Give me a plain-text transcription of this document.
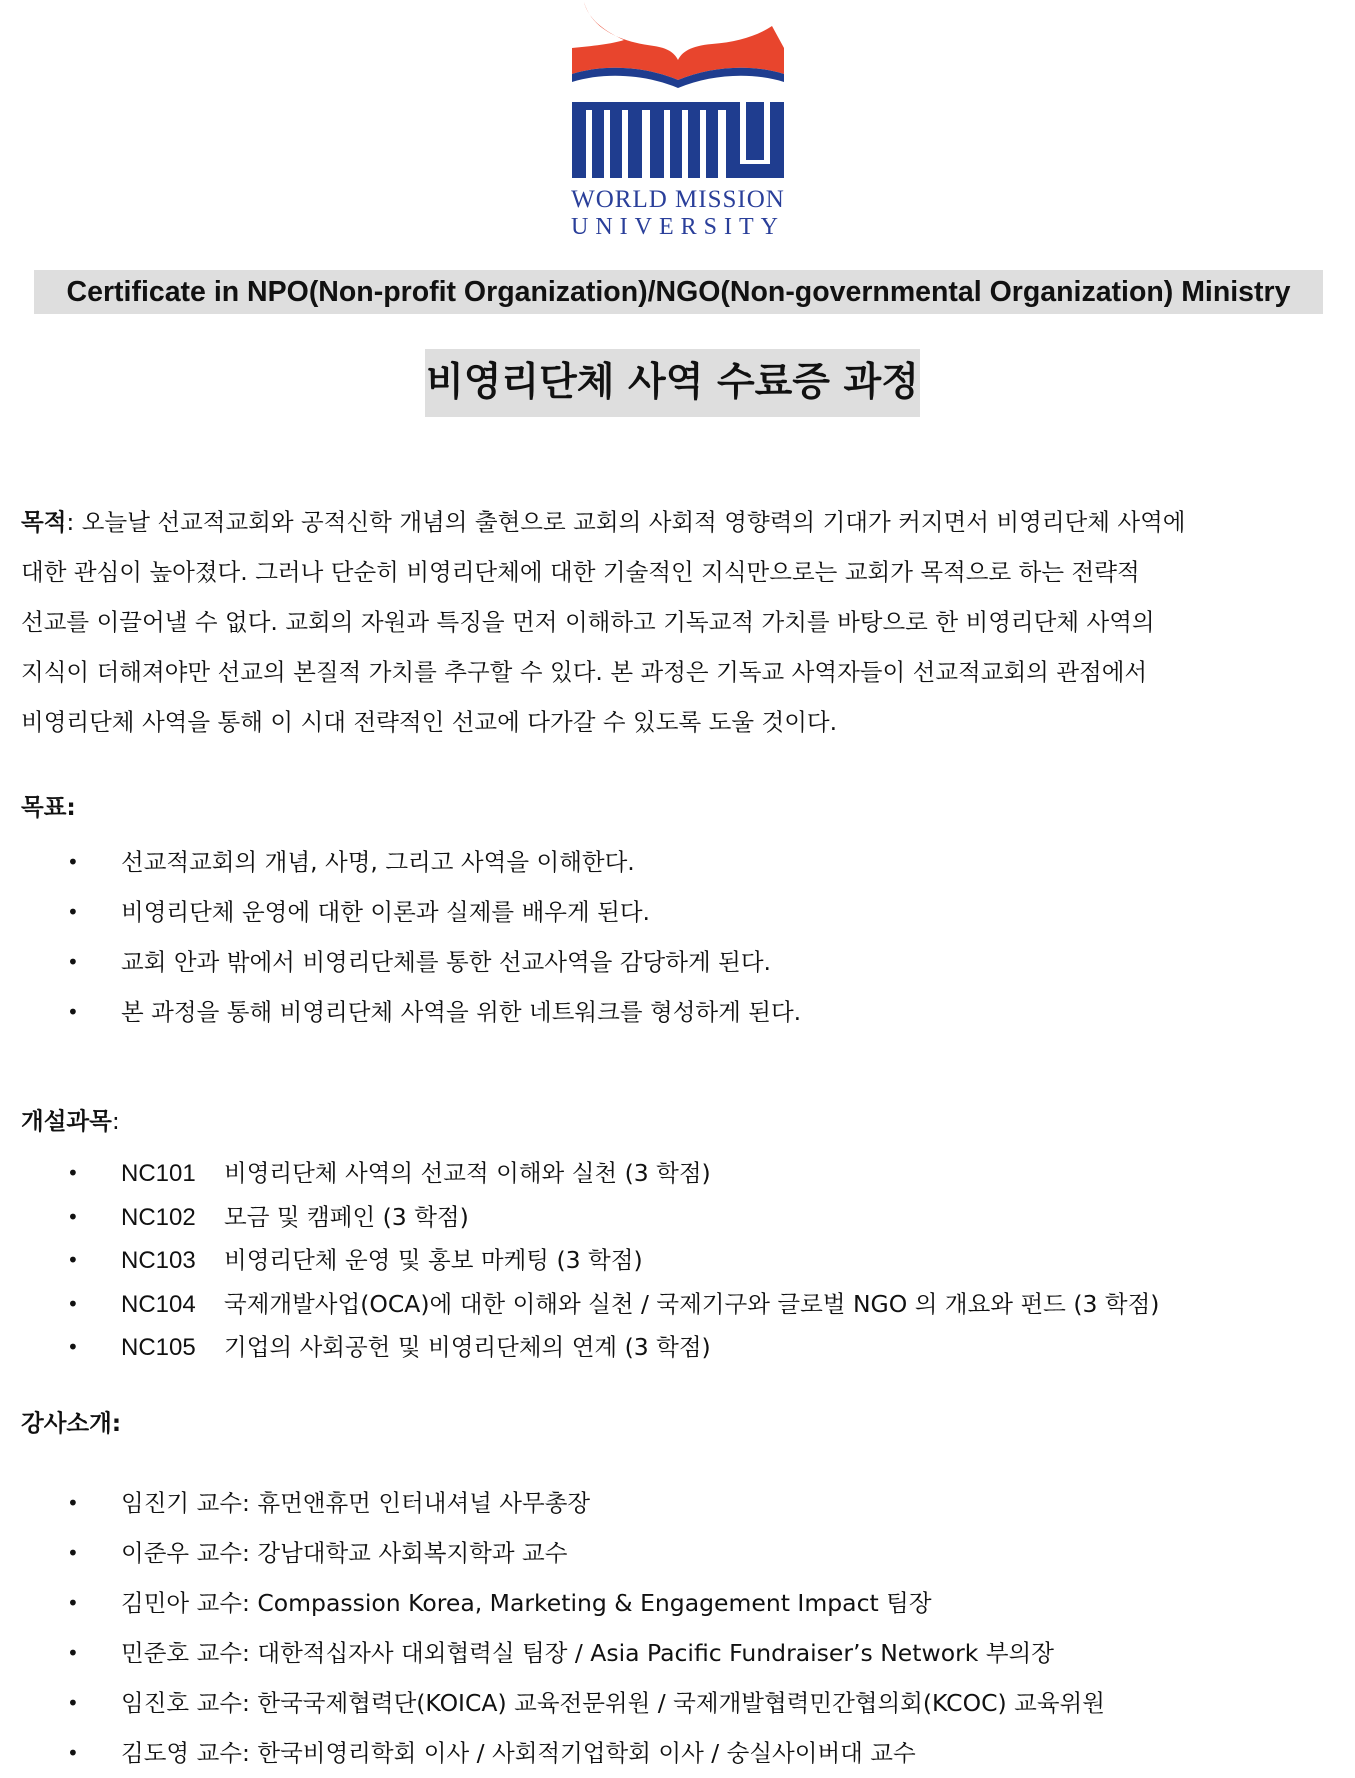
WORLD MISSION
UNIVERSITY
Certificate in NPO(Non-profit Organization)/NGO(Non-governmental Organization) Ministry
비영리단체 사역 수료증 과정
목적: 오늘날 선교적교회와 공적신학 개념의 출현으로 교회의 사회적 영향력의 기대가 커지면서 비영리단체 사역에
대한 관심이 높아졌다. 그러나 단순히 비영리단체에 대한 기술적인 지식만으로는 교회가 목적으로 하는 전략적
선교를 이끌어낼 수 없다. 교회의 자원과 특징을 먼저 이해하고 기독교적 가치를 바탕으로 한 비영리단체 사역의
지식이 더해져야만 선교의 본질적 가치를 추구할 수 있다. 본 과정은 기독교 사역자들이 선교적교회의 관점에서
비영리단체 사역을 통해 이 시대 전략적인 선교에 다가갈 수 있도록 도울 것이다.
목표:
• 선교적교회의 개념, 사명, 그리고 사역을 이해한다.
• 비영리단체 운영에 대한 이론과 실제를 배우게 된다.
• 교회 안과 밖에서 비영리단체를 통한 선교사역을 감당하게 된다.
• 본 과정을 통해 비영리단체 사역을 위한 네트워크를 형성하게 된다.
개설과목:
• NC101 비영리단체 사역의 선교적 이해와 실천 (3 학점)
• NC102 모금 및 캠페인 (3 학점)
• NC103 비영리단체 운영 및 홍보 마케팅 (3 학점)
• NC104 국제개발사업(OCA)에 대한 이해와 실천 / 국제기구와 글로벌 NGO 의 개요와 펀드 (3 학점)
• NC105 기업의 사회공헌 및 비영리단체의 연계 (3 학점)
강사소개:
• 임진기 교수: 휴먼앤휴먼 인터내셔널 사무총장
• 이준우 교수: 강남대학교 사회복지학과 교수
• 김민아 교수: Compassion Korea, Marketing & Engagement Impact 팀장
• 민준호 교수: 대한적십자사 대외협력실 팀장 / Asia Pacific Fundraiser’s Network 부의장
• 임진호 교수: 한국국제협력단(KOICA) 교육전문위원 / 국제개발협력민간협의회(KCOC) 교육위원
• 김도영 교수: 한국비영리학회 이사 / 사회적기업학회 이사 / 숭실사이버대 교수
